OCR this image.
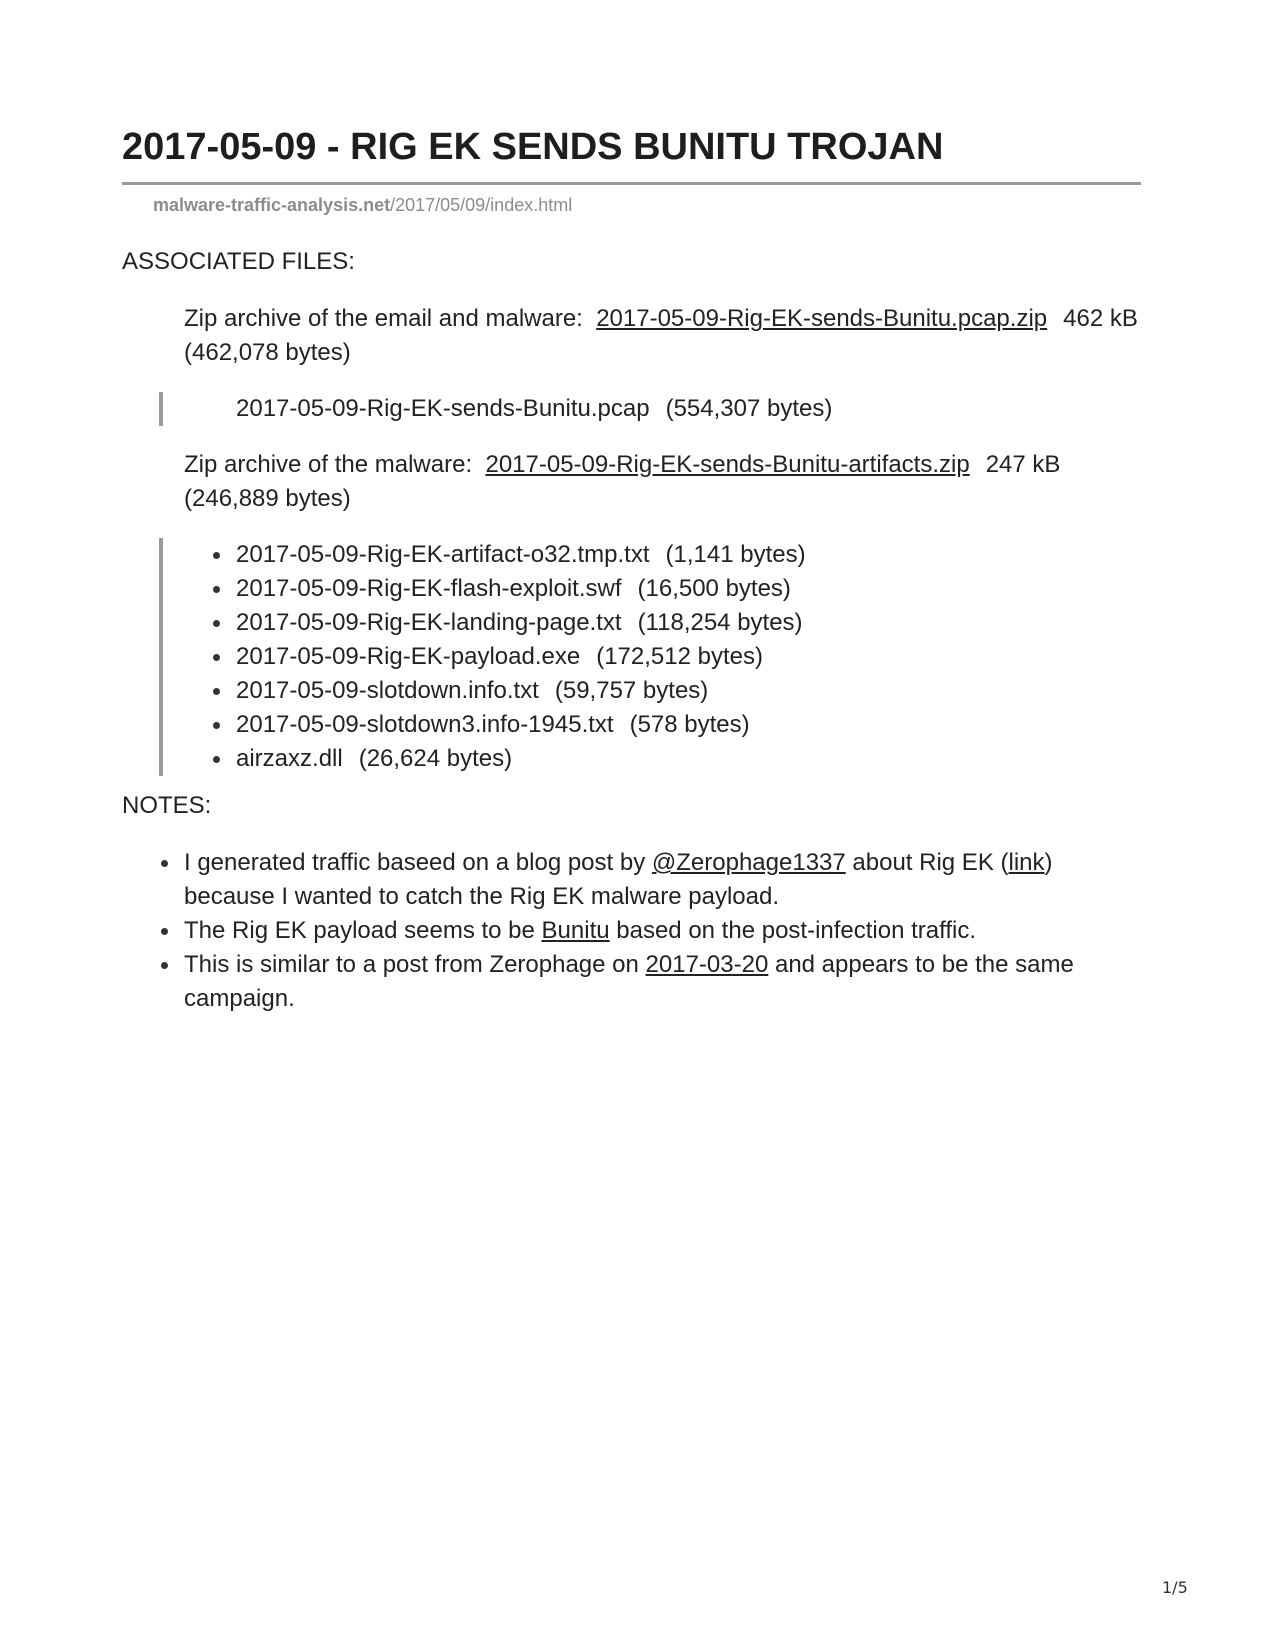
2017-05-09 - RIG EK SENDS BUNITU TROJAN
malware-traffic-analysis.net/2017/05/09/index.html
ASSOCIATED FILES:

Zip archive of the email and malware: 2017-05-09-Rig-EK-sends-Bunitu.pcap.zip 462 kB (462,078 bytes)

2017-05-09-Rig-EK-sends-Bunitu.pcap (554,307 bytes)

Zip archive of the malware: 2017-05-09-Rig-EK-sends-Bunitu-artifacts.zip 247 kB (246,889 bytes)

2017-05-09-Rig-EK-artifact-o32.tmp.txt (1,141 bytes)
2017-05-09-Rig-EK-flash-exploit.swf (16,500 bytes)
2017-05-09-Rig-EK-landing-page.txt (118,254 bytes)
2017-05-09-Rig-EK-payload.exe (172,512 bytes)
2017-05-09-slotdown.info.txt (59,757 bytes)
2017-05-09-slotdown3.info-1945.txt (578 bytes)
airzaxz.dll (26,624 bytes)
NOTES:
I generated traffic baseed on a blog post by @Zerophage1337 about Rig EK (link) because I wanted to catch the Rig EK malware payload.
The Rig EK payload seems to be Bunitu based on the post-infection traffic.
This is similar to a post from Zerophage on 2017-03-20 and appears to be the same campaign.
1/5
